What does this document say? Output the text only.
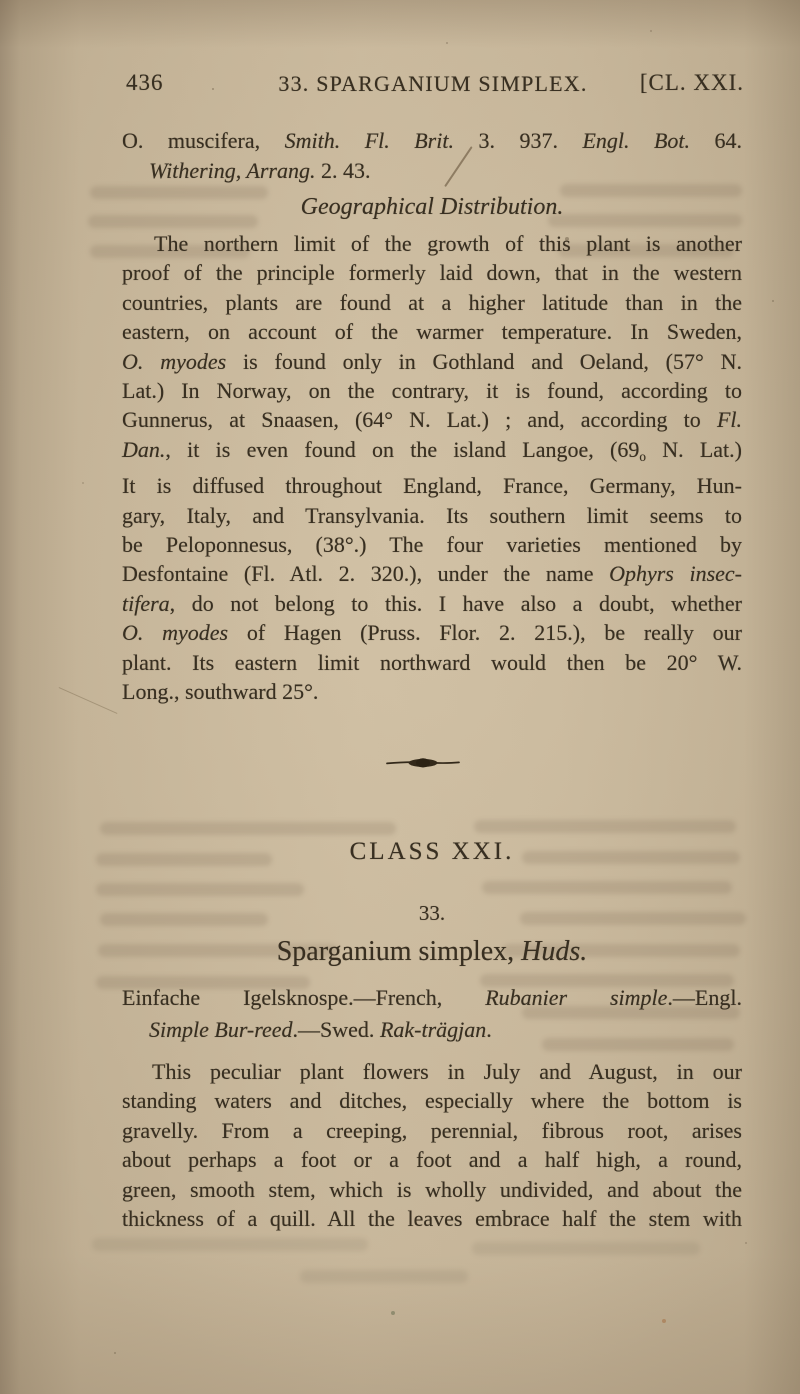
436	33. SPARGANIUM SIMPLEX.	[CL. XXI.
O. muscifera, Smith. Fl. Brit. 3. 937. Engl. Bot. 64.
Withering, Arrang. 2. 43.
Geographical Distribution.
The northern limit of the growth of this plant is another
proof of the principle formerly laid down, that in the western
countries, plants are found at a higher latitude than in the
eastern, on account of the warmer temperature. In Sweden,
O. myodes is found only in Gothland and Oeland, (57° N.
Lat.) In Norway, on the contrary, it is found, according to
Gunnerus, at Snaasen, (64° N. Lat.) ; and, according to Fl.
Dan., it is even found on the island Langoe, (69o N. Lat.)
It is diffused throughout England, France, Germany, Hun-
gary, Italy, and Transylvania. Its southern limit seems to
be Peloponnesus, (38°.) The four varieties mentioned by
Desfontaine (Fl. Atl. 2. 320.), under the name Ophyrs insec-
tifera, do not belong to this. I have also a doubt, whether
O. myodes of Hagen (Pruss. Flor. 2. 215.), be really our
plant. Its eastern limit northward would then be 20° W.
Long., southward 25°.
CLASS XXI.
33.
Sparganium simplex, Huds.
Einfache Igelsknospe.—French, Rubanier simple.—Engl.
Simple Bur-reed.—Swed. Rak-trägjan.
This peculiar plant flowers in July and August, in our
standing waters and ditches, especially where the bottom is
gravelly. From a creeping, perennial, fibrous root, arises
about perhaps a foot or a foot and a half high, a round,
green, smooth stem, which is wholly undivided, and about the
thickness of a quill. All the leaves embrace half the stem with
